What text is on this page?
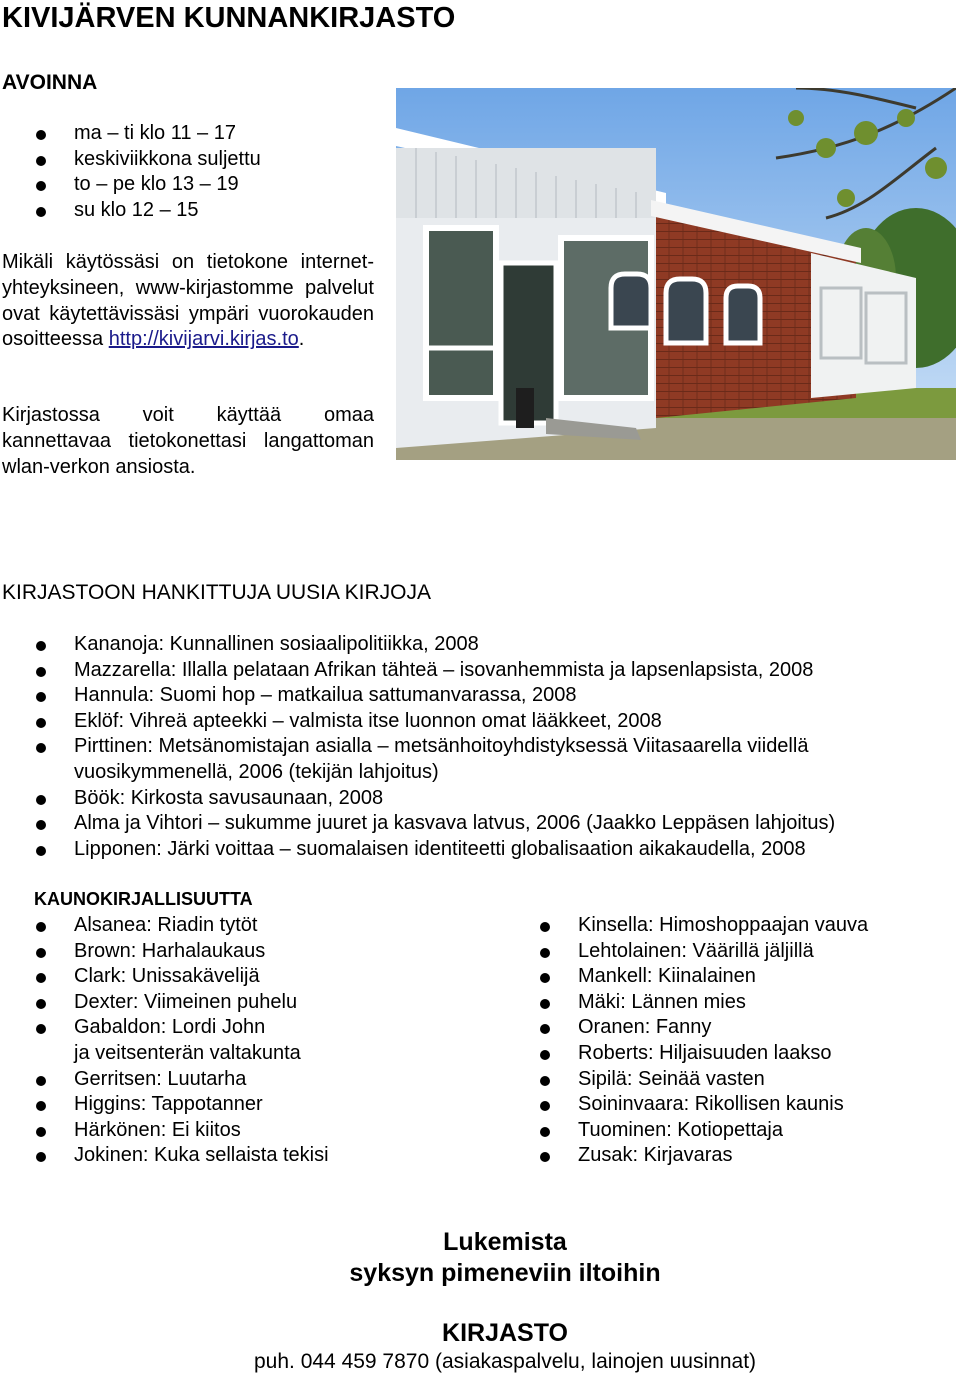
KIVIJÄRVEN KUNNANKIRJASTO
AVOINNA
ma – ti klo 11 – 17
keskiviikkona suljettu
to – pe klo 13 – 19
su klo 12 – 15
Mikäli käytössäsi on tietokone internet-yhteyksineen, www-kirjastomme palvelut ovat käytettävissäsi ympäri vuorokauden osoitteessa http://kivijarvi.kirjas.to.
Kirjastossa voit käyttää omaa kannettavaa tietokonettasi langattoman wlan-verkon ansiosta.
KIRJASTOON HANKITTUJA UUSIA KIRJOJA
Kananoja: Kunnallinen sosiaalipolitiikka, 2008
Mazzarella: Illalla pelataan Afrikan tähteä – isovanhemmista ja lapsenlapsista, 2008
Hannula: Suomi hop – matkailua sattumanvarassa, 2008
Eklöf: Vihreä apteekki – valmista itse luonnon omat lääkkeet, 2008
Pirttinen: Metsänomistajan asialla – metsänhoitoyhdistyksessä Viitasaarella viidellä
vuosikymmenellä, 2006 (tekijän lahjoitus)
Böök: Kirkosta savusaunaan, 2008
Alma ja Vihtori – sukumme juuret ja kasvava latvus, 2006 (Jaakko Leppäsen lahjoitus)
Lipponen: Järki voittaa – suomalaisen identiteetti globalisaation aikakaudella, 2008
KAUNOKIRJALLISUUTTA
Alsanea: Riadin tytöt
Brown: Harhalaukaus
Clark: Unissakävelijä
Dexter: Viimeinen puhelu
Gabaldon: Lordi John
ja veitsenterän valtakunta
Gerritsen: Luutarha
Higgins: Tappotanner
Härkönen: Ei kiitos
Jokinen: Kuka sellaista tekisi
Kinsella: Himoshoppaajan vauva
Lehtolainen: Väärillä jäljillä
Mankell: Kiinalainen
Mäki: Lännen mies
Oranen: Fanny
Roberts: Hiljaisuuden laakso
Sipilä: Seinää vasten
Soininvaara: Rikollisen kaunis
Tuominen: Kotiopettaja
Zusak: Kirjavaras
Lukemista
syksyn pimeneviin iltoihin
KIRJASTO
puh. 044 459 7870 (asiakaspalvelu, lainojen uusinnat)
